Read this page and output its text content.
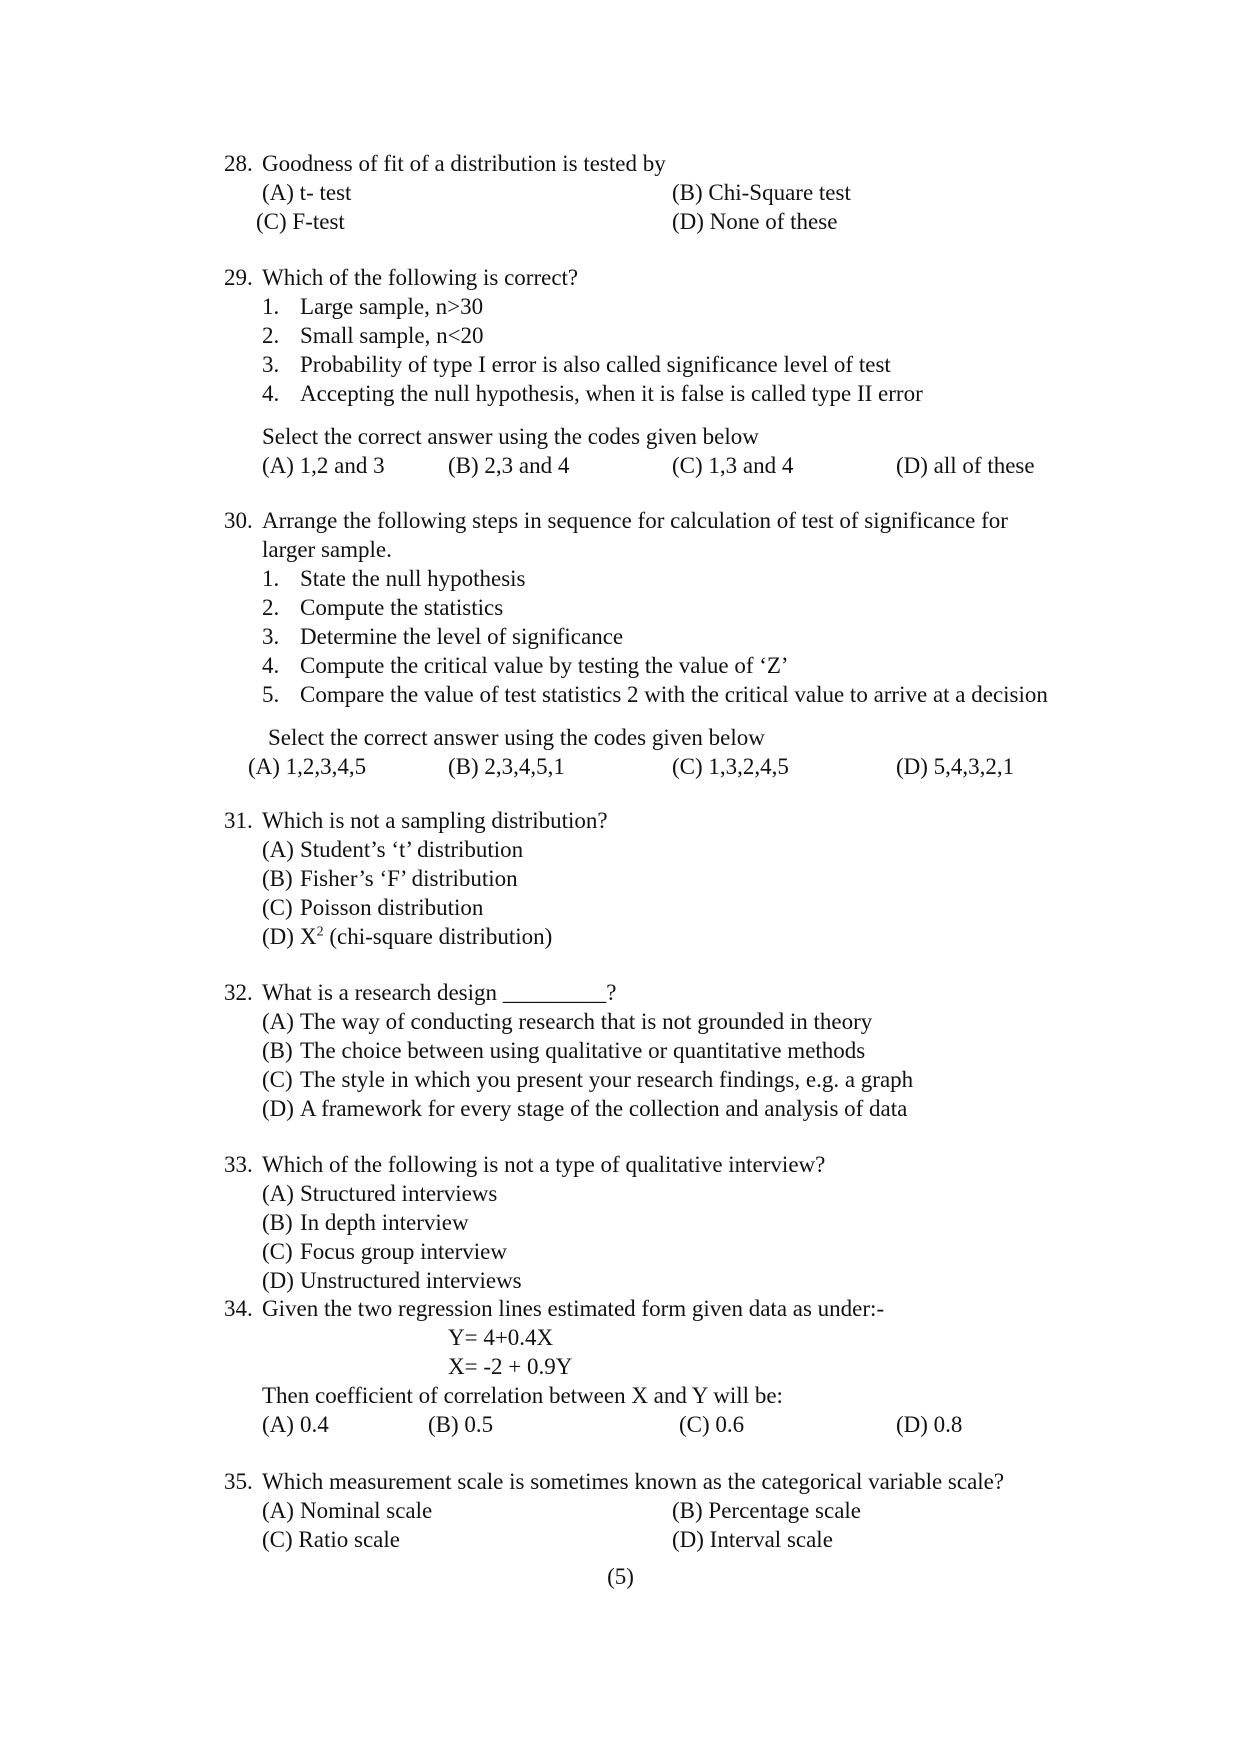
28. Goodness of fit of a distribution is tested by
(A) t- test	(B) Chi-Square test
(C) F-test	(D) None of these
29. Which of the following is correct?
1. Large sample, n>30
2. Small sample, n<20
3. Probability of type I error is also called significance level of test
4. Accepting the null hypothesis, when it is false is called type II error
Select the correct answer using the codes given below
(A) 1,2 and 3	(B) 2,3 and 4	(C) 1,3 and 4	(D) all of these
30. Arrange the following steps in sequence for calculation of test of significance for
larger sample.
1. State the null hypothesis
2. Compute the statistics
3. Determine the level of significance
4. Compute the critical value by testing the value of ‘Z’
5. Compare the value of test statistics 2 with the critical value to arrive at a decision
Select the correct answer using the codes given below
(A) 1,2,3,4,5	(B) 2,3,4,5,1	(C) 1,3,2,4,5	(D) 5,4,3,2,1
31. Which is not a sampling distribution?
(A) Student’s ‘t’ distribution
(B) Fisher’s ‘F’ distribution
(C) Poisson distribution
(D) $X^2$ (chi-square distribution)
32. What is a research design _________?
(A) The way of conducting research that is not grounded in theory
(B) The choice between using qualitative or quantitative methods
(C) The style in which you present your research findings, e.g. a graph
(D) A framework for every stage of the collection and analysis of data
33. Which of the following is not a type of qualitative interview?
(A) Structured interviews
(B) In depth interview
(C) Focus group interview
(D) Unstructured interviews
34. Given the two regression lines estimated form given data as under:-
Y= 4+0.4X
X= -2 + 0.9Y
Then coefficient of correlation between X and Y will be:
(A) 0.4	(B) 0.5	(C) 0.6	(D) 0.8
35. Which measurement scale is sometimes known as the categorical variable scale?
(A) Nominal scale	(B) Percentage scale
(C) Ratio scale	(D) Interval scale
(5)
